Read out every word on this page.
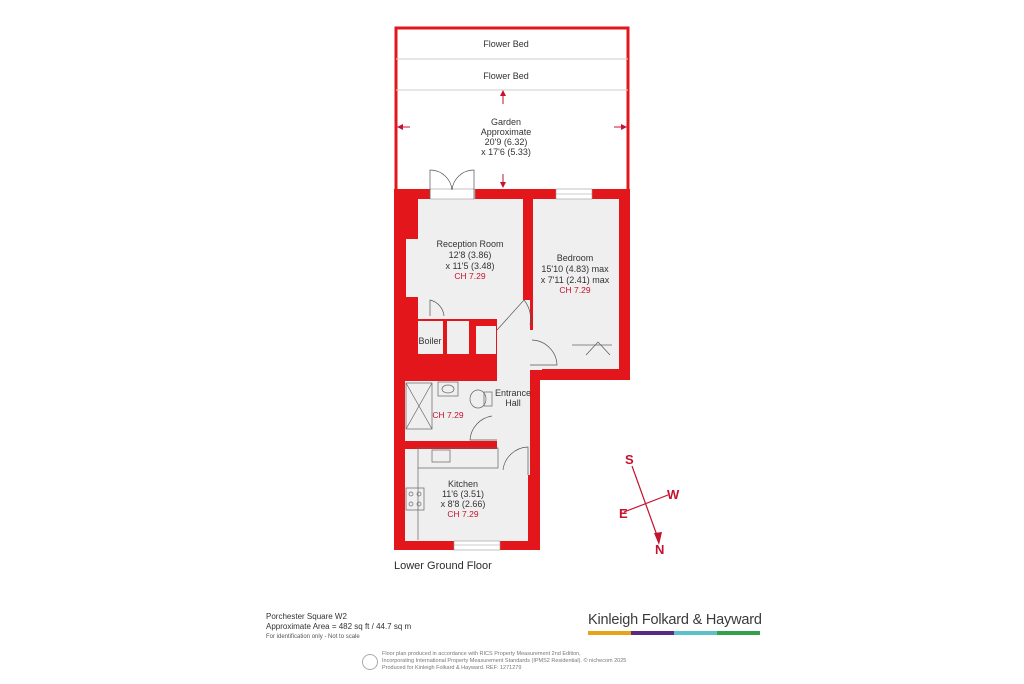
Flower Bed
Flower Bed
Garden
Approximate
20'9 (6.32)
x 17'6 (5.33)
Reception Room
12'8 (3.86)
x 11'5 (3.48)
CH 7.29
Bedroom
15'10 (4.83) max
x 7'11 (2.41) max
CH 7.29
Boiler
Entrance
Hall
CH 7.29
Kitchen
11'6 (3.51)
x 8'8 (2.66)
CH 7.29
S
W
E
N
Lower Ground Floor
Porchester Square W2
Approximate Area = 482 sq ft / 44.7 sq m
For identification only - Not to scale
Kinleigh Folkard & Hayward
Floor plan produced in accordance with RICS Property Measurement 2nd Edition,
Incorporating International Property Measurement Standards (IPMS2 Residential). © nichecom 2025
Produced for Kinleigh Folkard & Hayward. REF: 1271279
